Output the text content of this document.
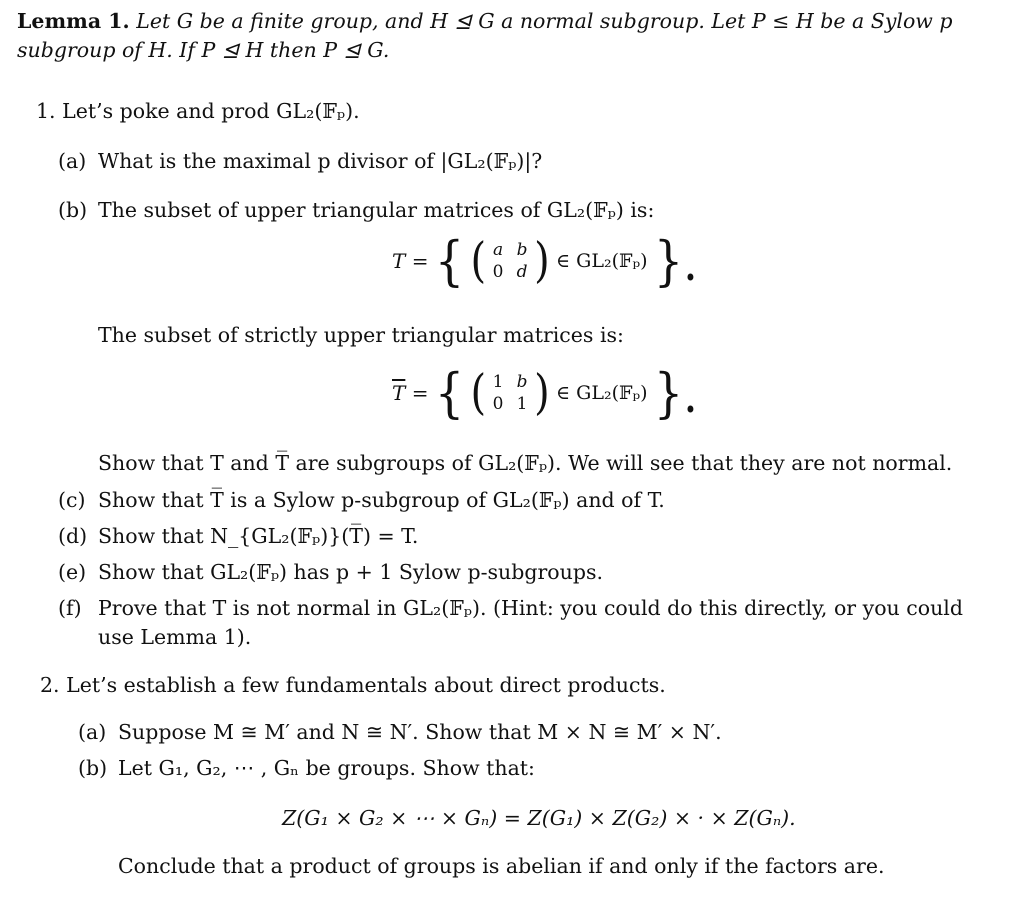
Lemma 1. Let G be a finite group, and H ⊴ G a normal subgroup. Let P ≤ H be a Sylow p
subgroup of H. If P ⊴ H then P ⊴ G.
1. Let’s poke and prod GL₂(𝔽ₚ).
(a) What is the maximal p divisor of |GL₂(𝔽ₚ)|?
(b) The subset of upper triangular matrices of GL₂(𝔽ₚ) is:
T = { ( a b
0 d ) ∈ GL₂(𝔽ₚ) }.
The subset of strictly upper triangular matrices is:
$\overline{T}$ = { ( 1 b
0 1 ) ∈ GL₂(𝔽ₚ) }.
Show that T and T̅ are subgroups of GL₂(𝔽ₚ). We will see that they are not normal.
(c) Show that T̅ is a Sylow p-subgroup of GL₂(𝔽ₚ) and of T.
(d) Show that N_{GL₂(𝔽ₚ)}(T̅) = T.
(e) Show that GL₂(𝔽ₚ) has p + 1 Sylow p-subgroups.
(f) Prove that T is not normal in GL₂(𝔽ₚ). (Hint: you could do this directly, or you could
use Lemma 1).
2. Let’s establish a few fundamentals about direct products.
(a) Suppose M ≅ M′ and N ≅ N′. Show that M × N ≅ M′ × N′.
(b) Let G₁, G₂, ⋯ , Gₙ be groups. Show that:
Z(G₁ × G₂ × ⋯ × Gₙ) = Z(G₁) × Z(G₂) × · × Z(Gₙ).
Conclude that a product of groups is abelian if and only if the factors are.
